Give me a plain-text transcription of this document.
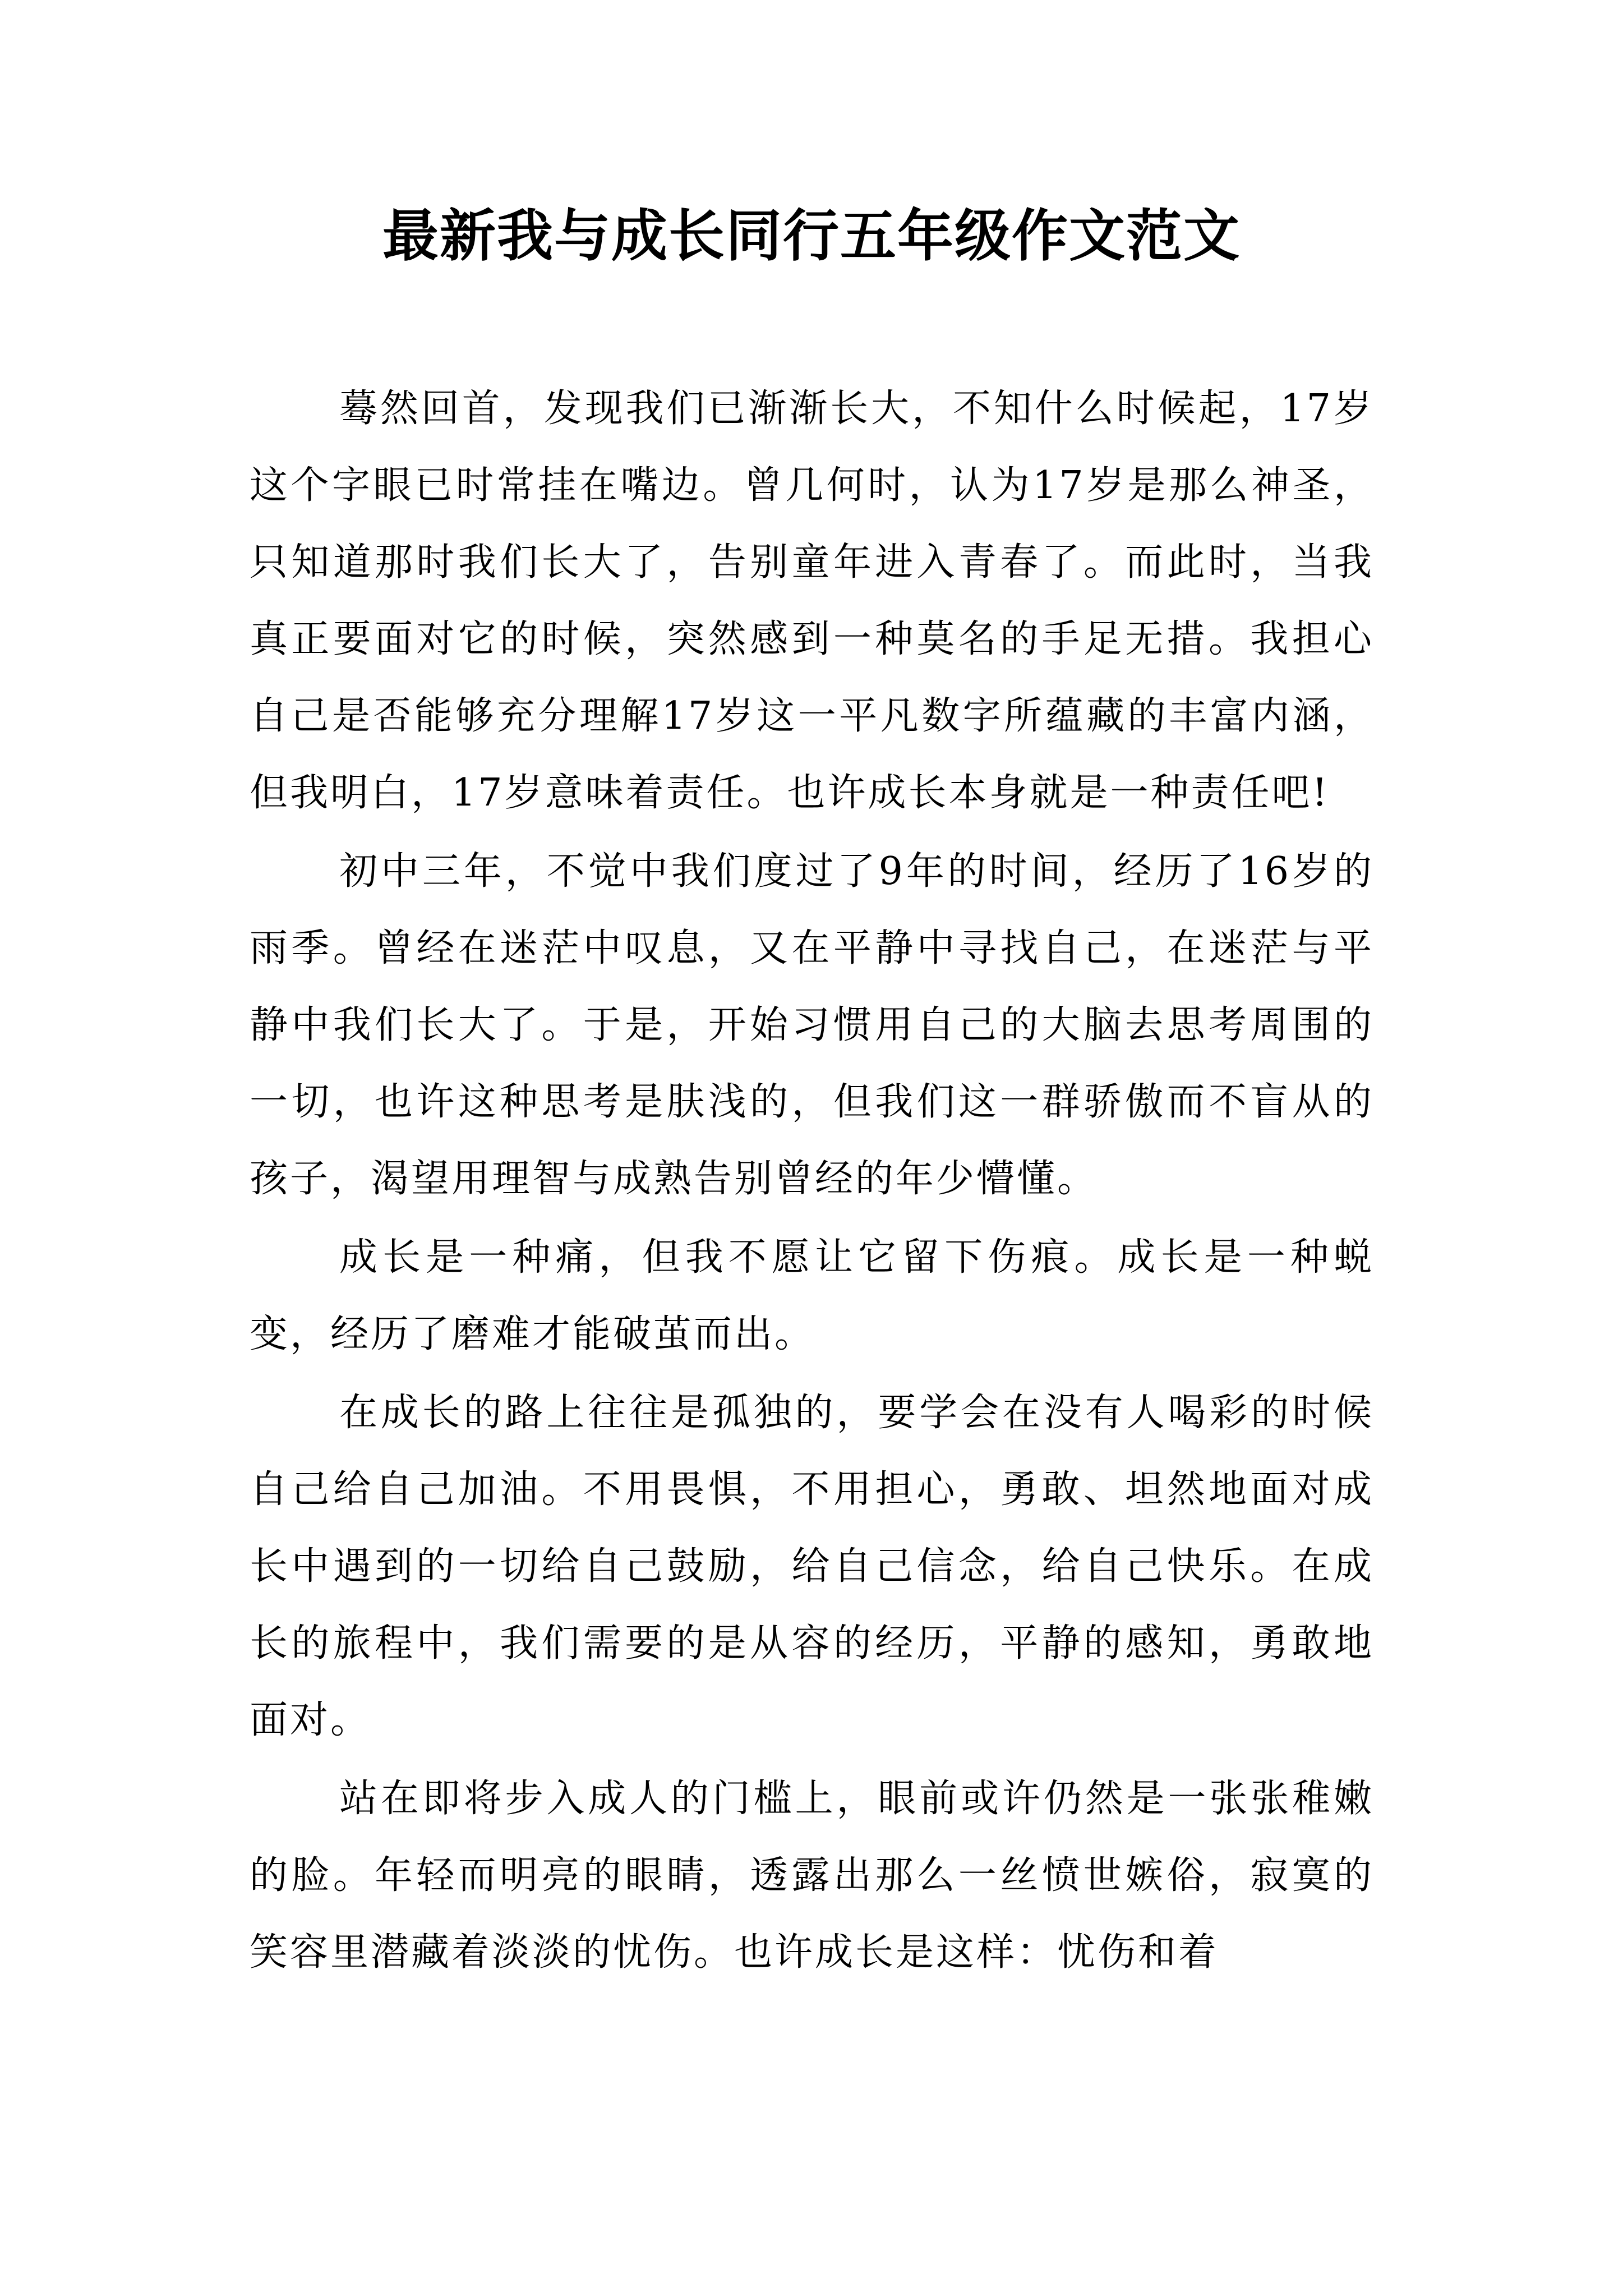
最新我与成长同行五年级作文范文

蓦然回首，发现我们已渐渐长大，不知什么时候起，17岁这个字眼已时常挂在嘴边。曾几何时，认为17岁是那么神圣，只知道那时我们长大了，告别童年进入青春了。而此时，当我真正要面对它的时候，突然感到一种莫名的手足无措。我担心自己是否能够充分理解17岁这一平凡数字所蕴藏的丰富内涵，但我明白，17岁意味着责任。也许成长本身就是一种责任吧!

初中三年，不觉中我们度过了9年的时间，经历了16岁的雨季。曾经在迷茫中叹息，又在平静中寻找自己，在迷茫与平静中我们长大了。于是，开始习惯用自己的大脑去思考周围的一切，也许这种思考是肤浅的，但我们这一群骄傲而不盲从的孩子，渴望用理智与成熟告别曾经的年少懵懂。

成长是一种痛，但我不愿让它留下伤痕。成长是一种蜕变，经历了磨难才能破茧而出。

在成长的路上往往是孤独的，要学会在没有人喝彩的时候自己给自己加油。不用畏惧，不用担心，勇敢、坦然地面对成长中遇到的一切给自己鼓励，给自己信念，给自己快乐。在成长的旅程中，我们需要的是从容的经历，平静的感知，勇敢地面对。

站在即将步入成人的门槛上，眼前或许仍然是一张张稚嫩的脸。年轻而明亮的眼睛，透露出那么一丝愤世嫉俗，寂寞的笑容里潜藏着淡淡的忧伤。也许成长是这样：忧伤和着
